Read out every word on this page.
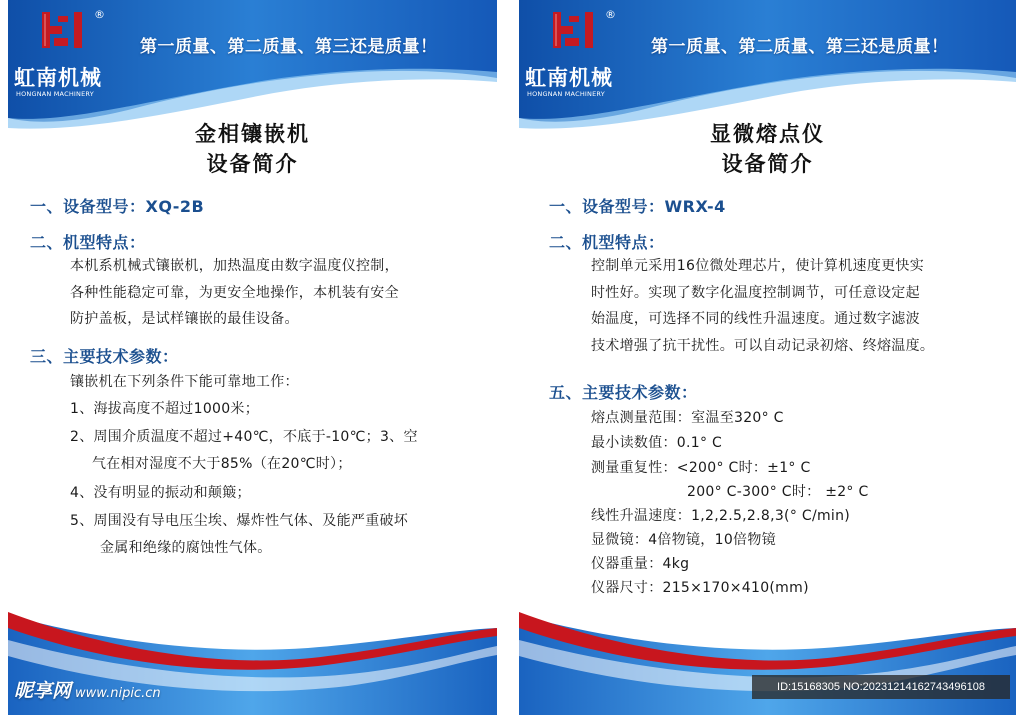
®
虹南机械
HONGNAN MACHINERY
第一质量、第二质量、第三还是质量！
金相镶嵌机
设备简介
一、设备型号：XQ-2B
二、机型特点：
本机系机械式镶嵌机，加热温度由数字温度仪控制，
各种性能稳定可靠，为更安全地操作，本机装有安全
防护盖板，是试样镶嵌的最佳设备。
三、主要技术参数：
镶嵌机在下列条件下能可靠地工作：
1、海拔高度不超过1000米；
2、周围介质温度不超过+40℃，不底于-10℃；3、空
气在相对湿度不大于85%（在20℃时）；
4、没有明显的振动和颠簸；
5、周围没有导电压尘埃、爆炸性气体、及能严重破坏
金属和绝缘的腐蚀性气体。
昵享网 www.nipic.cn
®
虹南机械
HONGNAN MACHINERY
第一质量、第二质量、第三还是质量！
显微熔点仪
设备简介
一、设备型号：WRX-4
二、机型特点：
控制单元采用16位微处理芯片，使计算机速度更快实
时性好。实现了数字化温度控制调节，可任意设定起
始温度，可选择不同的线性升温速度。通过数字滤波
技术增强了抗干扰性。可以自动记录初熔、终熔温度。
五、主要技术参数：
熔点测量范围：室温至320° C
最小读数值：0.1° C
测量重复性：<200° C时：±1° C
200° C-300° C时： ±2° C
线性升温速度：1,2,2.5,2.8,3(° C/min)
显微镜：4倍物镜，10倍物镜
仪器重量：4kg
仪器尺寸：215×170×410(mm)
ID:15168305 NO:20231214162743496108
